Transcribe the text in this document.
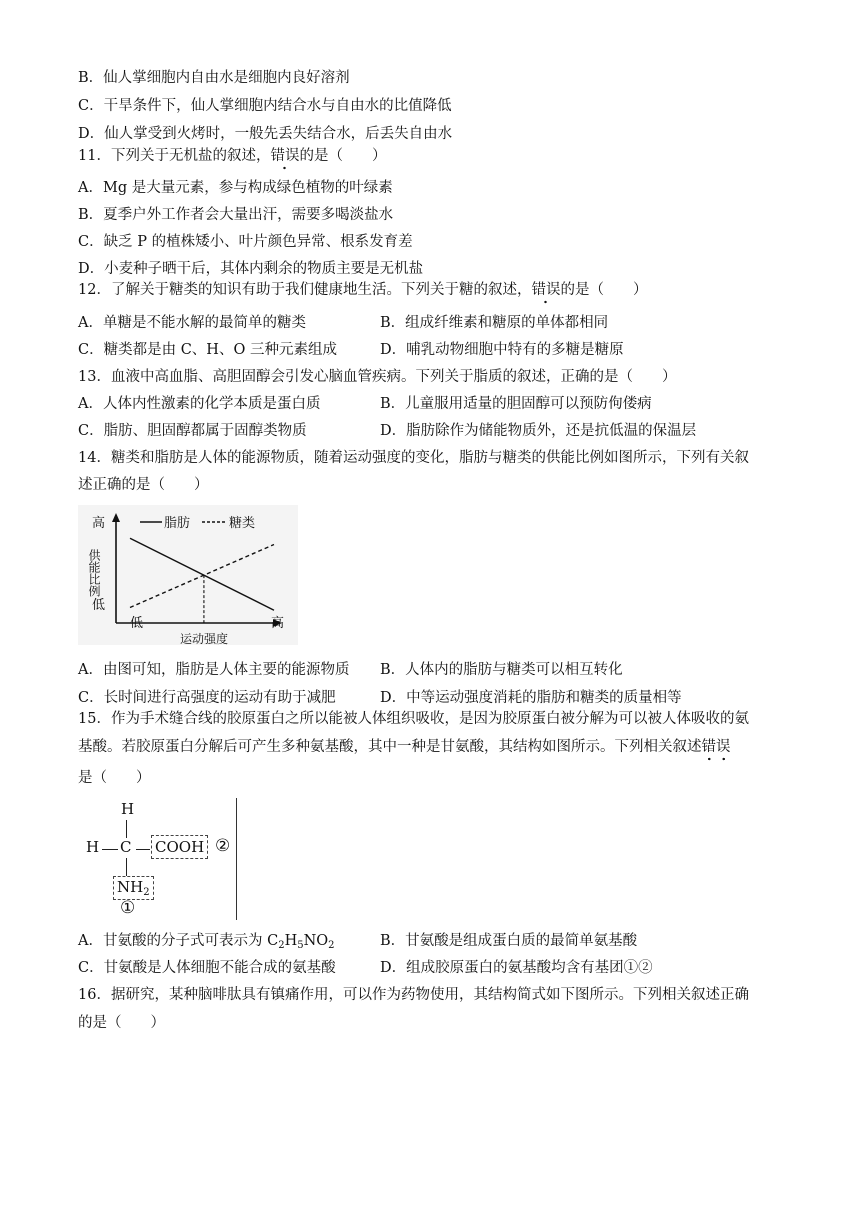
B．仙人掌细胞内自由水是细胞内良好溶剂
C．干旱条件下，仙人掌细胞内结合水与自由水的比值降低
D．仙人掌受到火烤时，一般先丢失结合水，后丢失自由水
11．下列关于无机盐的叙述，错误的是（　　）
A．Mg 是大量元素，参与构成绿色植物的叶绿素
B．夏季户外工作者会大量出汗，需要多喝淡盐水
C．缺乏 P 的植株矮小、叶片颜色异常、根系发育差
D．小麦种子晒干后，其体内剩余的物质主要是无机盐
12．了解关于糖类的知识有助于我们健康地生活。下列关于糖的叙述，错误的是（　　）
A．单糖是不能水解的最简单的糖类	B．组成纤维素和糖原的单体都相同
C．糖类都是由 C、H、O 三种元素组成	D．哺乳动物细胞中特有的多糖是糖原
13．血液中高血脂、高胆固醇会引发心脑血管疾病。下列关于脂质的叙述，正确的是（　　）
A．人体内性激素的化学本质是蛋白质	B．儿童服用适量的胆固醇可以预防佝偻病
C．脂肪、胆固醇都属于固醇类物质	D．脂肪除作为储能物质外，还是抗低温的保温层
14．糖类和脂肪是人体的能源物质，随着运动强度的变化，脂肪与糖类的供能比例如图所示，下列有关叙
述正确的是（　　）
脂肪	糖类
高
低
低	高
供能比例
运动强度
A．由图可知，脂肪是人体主要的能源物质 B．人体内的脂肪与糖类可以相互转化
C．长时间进行高强度的运动有助于减肥	D．中等运动强度消耗的脂肪和糖类的质量相等
15．作为手术缝合线的胶原蛋白之所以能被人体组织吸收，是因为胶原蛋白被分解为可以被人体吸收的氨
基酸。若胶原蛋白分解后可产生多种氨基酸，其中一种是甘氨酸，其结构如图所示。下列相关叙述错误
是（　　）
H
H C COOH ②
$NH_2$
①
A．甘氨酸的分子式可表示为 $C_2H_5NO_2$	B．甘氨酸是组成蛋白质的最简单氨基酸
C．甘氨酸是人体细胞不能合成的氨基酸	D．组成胶原蛋白的氨基酸均含有基团①②
16．据研究，某种脑啡肽具有镇痛作用，可以作为药物使用，其结构简式如下图所示。下列相关叙述正确
的是（　　）
